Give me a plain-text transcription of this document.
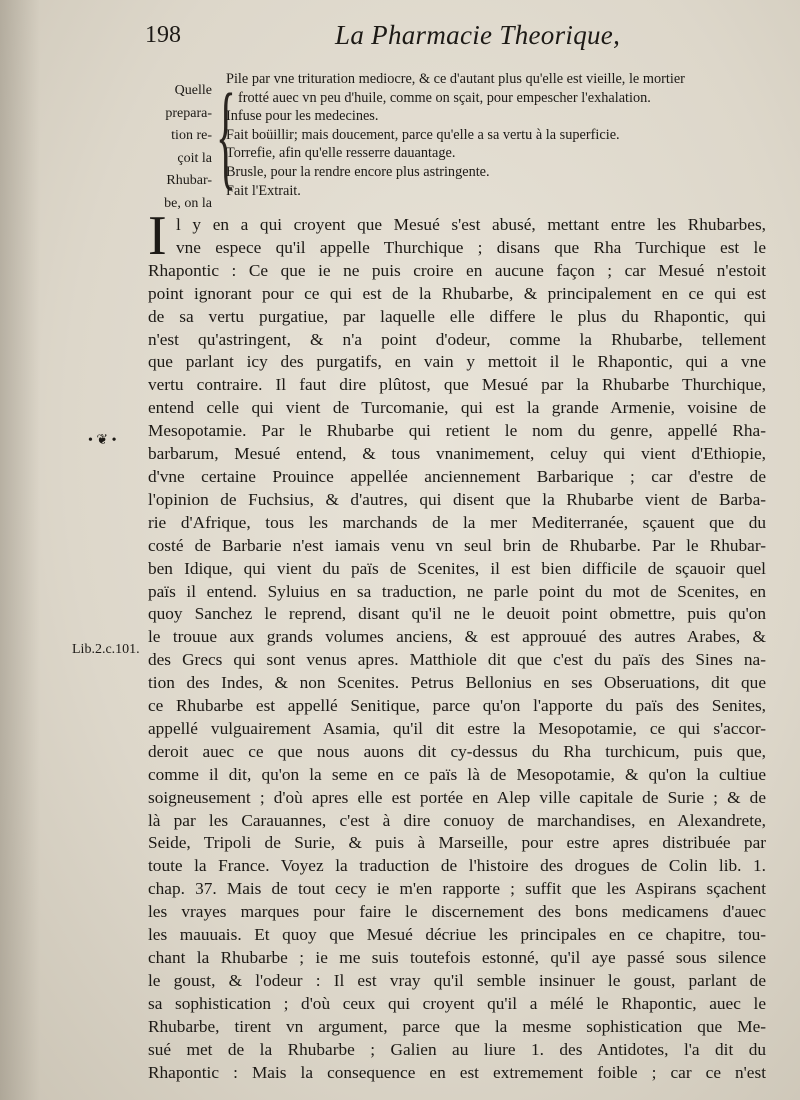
198	La Pharmacie Theorique,
Quelle
prepara-
tion re-
çoit la
Rhubar-
be, on la
{
Pile par vne trituration mediocre, & ce d'autant plus qu'elle est vieille, le mortier
frotté auec vn peu d'huile, comme on sçait, pour empescher l'exhalation.
Infuse pour les medecines.
Fait boüillir; mais doucement, parce qu'elle a sa vertu à la superficie.
Torrefie, afin qu'elle resserre dauantage.
Brusle, pour la rendre encore plus astringente.
Fait l'Extrait.
I l y en a qui croyent que Mesué s'est abusé, mettant entre les Rhubarbes,
vne espece qu'il appelle Thurchique ; disans que Rha Turchique est le
Rhapontic : Ce que ie ne puis croire en aucune façon ; car Mesué n'estoit
point ignorant pour ce qui est de la Rhubarbe, & principalement en ce qui est
de sa vertu purgatiue, par laquelle elle differe le plus du Rhapontic, qui
n'est qu'astringent, & n'a point d'odeur, comme la Rhubarbe, tellement
que parlant icy des purgatifs, en vain y mettoit il le Rhapontic, qui a vne
vertu contraire. Il faut dire plûtost, que Mesué par la Rhubarbe Thurchique,
entend celle qui vient de Turcomanie, qui est la grande Armenie, voisine de
Mesopotamie. Par le Rhubarbe qui retient le nom du genre, appellé Rha-
barbarum, Mesué entend, & tous vnanimement, celuy qui vient d'Ethiopie,
d'vne certaine Prouince appellée anciennement Barbarique ; car d'estre de
l'opinion de Fuchsius, & d'autres, qui disent que la Rhubarbe vient de Barba-
rie d'Afrique, tous les marchands de la mer Mediterranée, sçauent que du
costé de Barbarie n'est iamais venu vn seul brin de Rhubarbe. Par le Rhubar-
ben Idique, qui vient du païs de Scenites, il est bien difficile de sçauoir quel
païs il entend. Syluius en sa traduction, ne parle point du mot de Scenites, en
quoy Sanchez le reprend, disant qu'il ne le deuoit point obmettre, puis qu'on
le trouue aux grands volumes anciens, & est approuué des autres Arabes, &
des Grecs qui sont venus apres. Matthiole dit que c'est du païs des Sines na-
tion des Indes, & non Scenites. Petrus Bellonius en ses Obseruations, dit que
ce Rhubarbe est appellé Senitique, parce qu'on l'apporte du païs des Senites,
appellé vulguairement Asamia, qu'il dit estre la Mesopotamie, ce qui s'accor-
deroit auec ce que nous auons dit cy-dessus du Rha turchicum, puis que,
comme il dit, qu'on la seme en ce païs là de Mesopotamie, & qu'on la cultiue
soigneusement ; d'où apres elle est portée en Alep ville capitale de Surie ; & de
là par les Carauannes, c'est à dire conuoy de marchandises, en Alexandrete,
Seide, Tripoli de Surie, & puis à Marseille, pour estre apres distribuée par
toute la France. Voyez la traduction de l'histoire des drogues de Colin lib. 1.
chap. 37. Mais de tout cecy ie m'en rapporte ; suffit que les Aspirans sçachent
les vrayes marques pour faire le discernement des bons medicamens d'auec
les mauuais. Et quoy que Mesué décriue les principales en ce chapitre, tou-
chant la Rhubarbe ; ie me suis toutefois estonné, qu'il aye passé sous silence
le goust, & l'odeur : Il est vray qu'il semble insinuer le goust, parlant de
sa sophistication ; d'où ceux qui croyent qu'il a mélé le Rhapontic, auec le
Rhubarbe, tirent vn argument, parce que la mesme sophistication que Me-
sué met de la Rhubarbe ; Galien au liure 1. des Antidotes, l'a dit du
Rhapontic : Mais la consequence en est extremement foible ; car ce n'est
• ❦ •
Lib.2.c.101.
